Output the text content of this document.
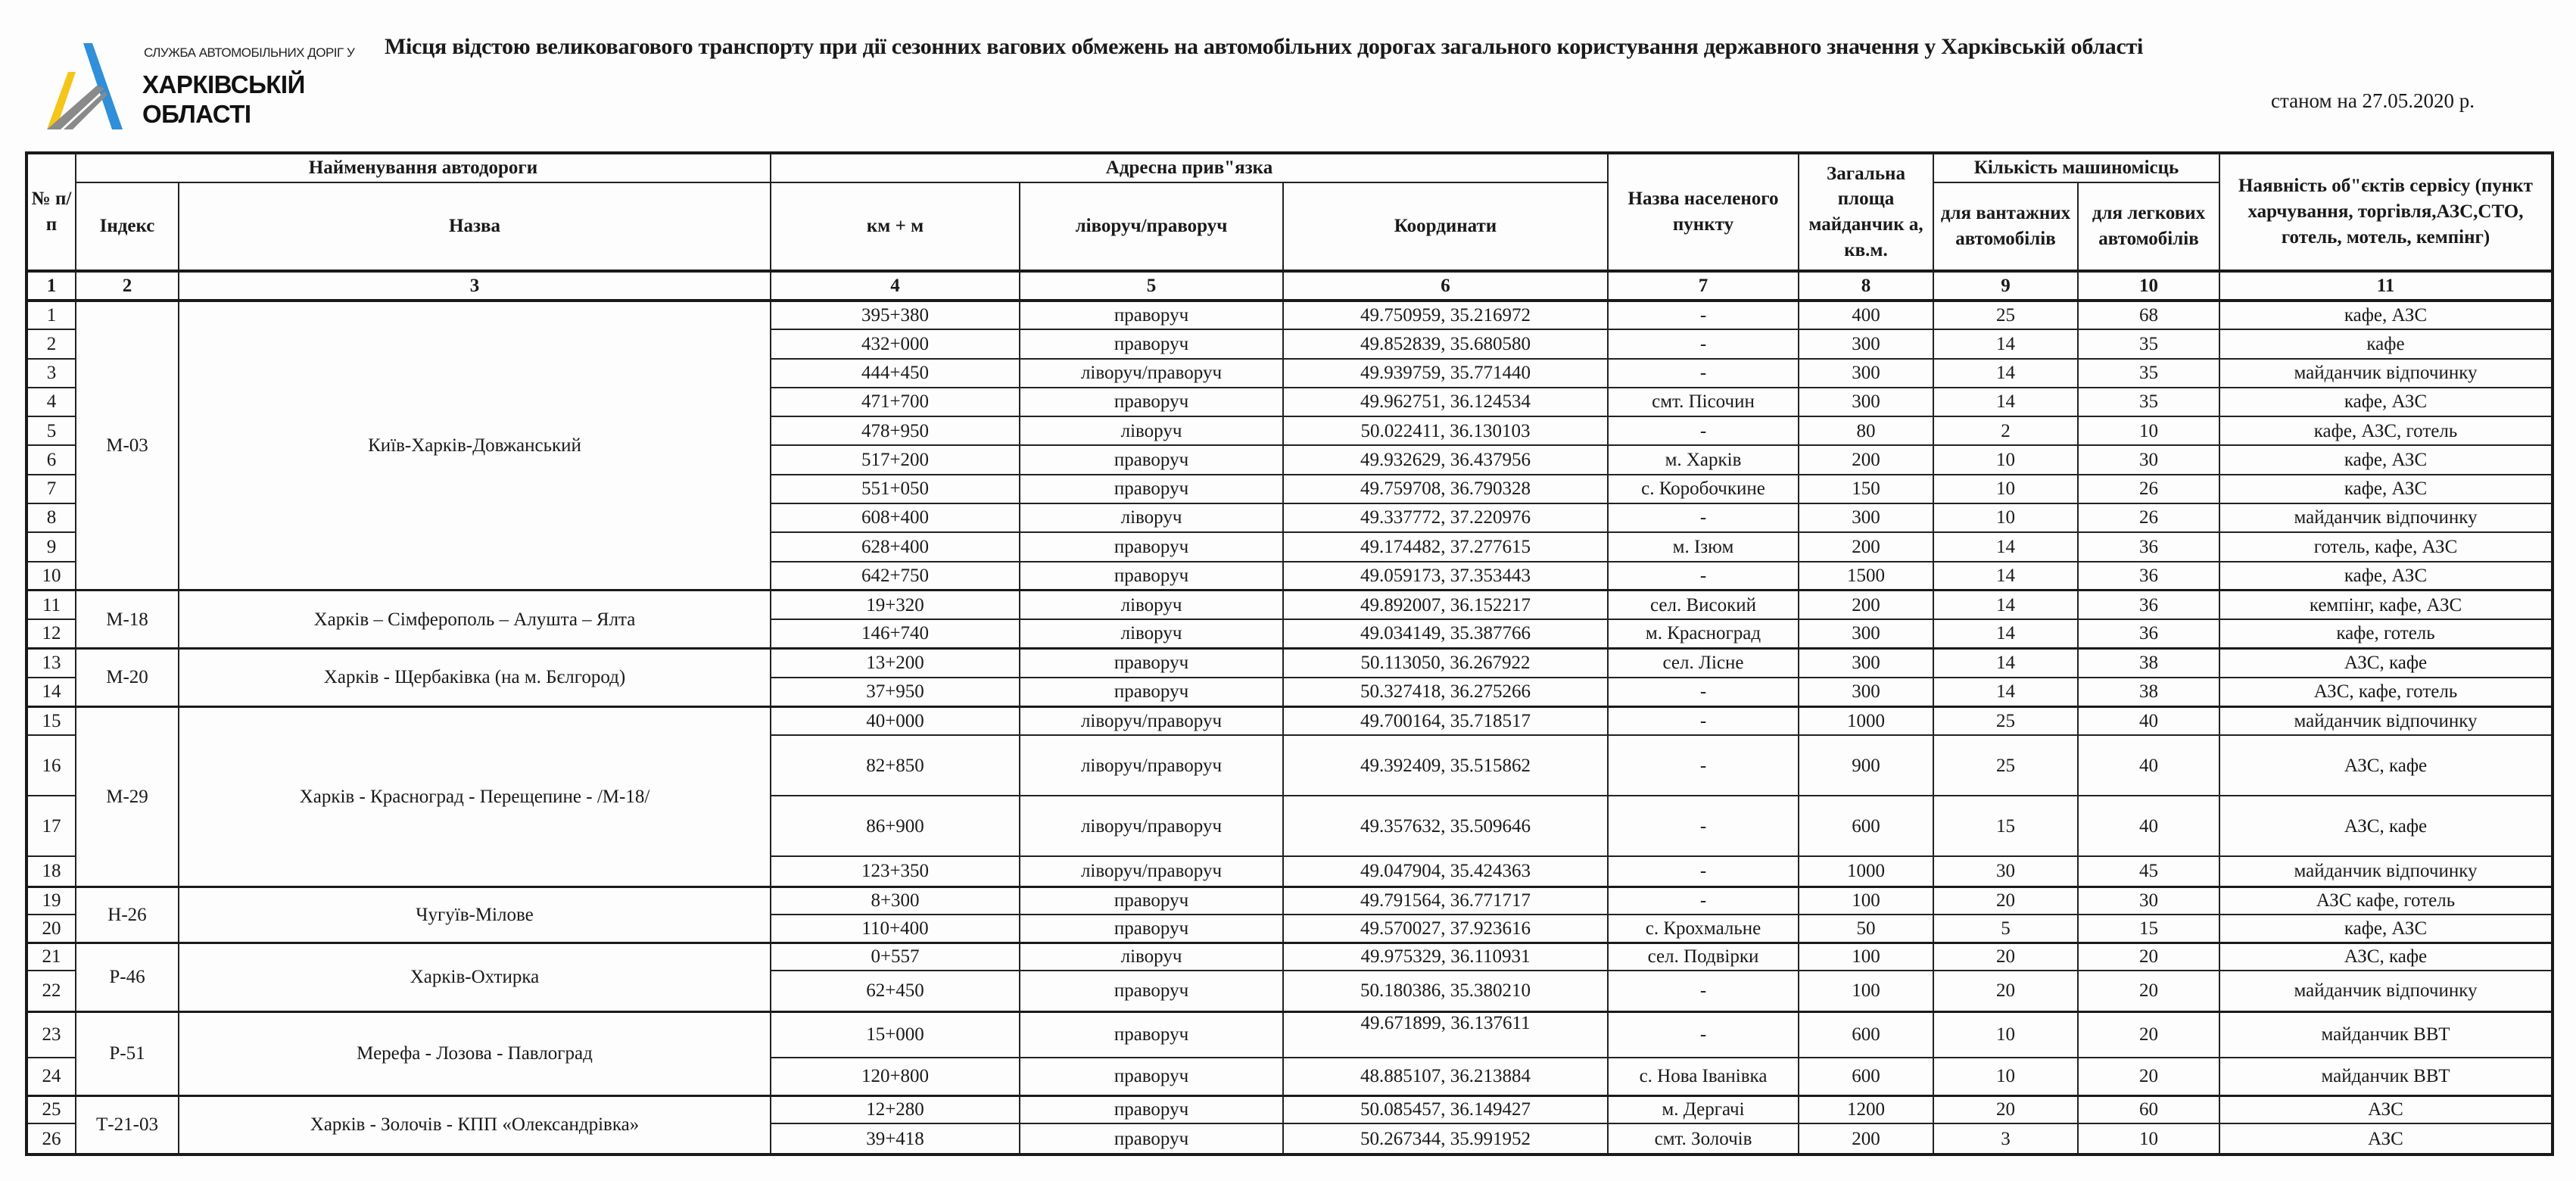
СЛУЖБА АВТОМОБІЛЬНИХ ДОРІГ У
ХАРКІВСЬКІЙ
ОБЛАСТІ
Місця відстою великовагового транспорту при дії сезонних вагових обмежень на автомобільних дорогах загального користування державного значення у Харківській області
станом на 27.05.2020 р.
№ п/п	Найменування автодороги		Адресна прив"язка			Назва населеного пункту	Загальна площа майданчик а, кв.м.	Кількість машиномісць		Наявність об"єктів сервісу (пункт харчування, торгівля,АЗС,СТО, готель, мотель, кемпінг)
	Індекс	Назва	км + м	ліворуч/праворуч	Координати			для вантажних автомобілів	для легкових автомобілів	
1	2	3	4	5	6	7	8	9	10	11
1	М-03	Київ-Харків-Довжанський	395+380	праворуч	49.750959, 35.216972	-	400	25	68	кафе, АЗС
2			432+000	праворуч	49.852839, 35.680580	-	300	14	35	кафе
3			444+450	ліворуч/праворуч	49.939759, 35.771440	-	300	14	35	майданчик відпочинку
4			471+700	праворуч	49.962751, 36.124534	смт. Пісочин	300	14	35	кафе, АЗС
5			478+950	ліворуч	50.022411, 36.130103	-	80	2	10	кафе, АЗС, готель
6			517+200	праворуч	49.932629, 36.437956	м. Харків	200	10	30	кафе, АЗС
7			551+050	праворуч	49.759708, 36.790328	с. Коробочкине	150	10	26	кафе, АЗС
8			608+400	ліворуч	49.337772, 37.220976	-	300	10	26	майданчик відпочинку
9			628+400	праворуч	49.174482, 37.277615	м. Ізюм	200	14	36	готель, кафе, АЗС
10			642+750	праворуч	49.059173, 37.353443	-	1500	14	36	кафе, АЗС
11	М-18	Харків – Сімферополь – Алушта – Ялта	19+320	ліворуч	49.892007, 36.152217	сел. Високий	200	14	36	кемпінг, кафе, АЗС
12			146+740	ліворуч	49.034149, 35.387766	м. Красноград	300	14	36	кафе, готель
13	М-20	Харків - Щербаківка (на м. Бєлгород)	13+200	праворуч	50.113050, 36.267922	сел. Лісне	300	14	38	АЗС, кафе
14			37+950	праворуч	50.327418, 36.275266	-	300	14	38	АЗС, кафе, готель
15	М-29	Харків - Красноград - Перещепине - /М-18/	40+000	ліворуч/праворуч	49.700164, 35.718517	-	1000	25	40	майданчик відпочинку
16			82+850	ліворуч/праворуч	49.392409, 35.515862	-	900	25	40	АЗС, кафе
17			86+900	ліворуч/праворуч	49.357632, 35.509646	-	600	15	40	АЗС, кафе
18			123+350	ліворуч/праворуч	49.047904, 35.424363	-	1000	30	45	майданчик відпочинку
19	Н-26	Чугуїв-Мілове	8+300	праворуч	49.791564, 36.771717	-	100	20	30	АЗС кафе, готель
20			110+400	праворуч	49.570027, 37.923616	с. Крохмальне	50	5	15	кафе, АЗС
21	Р-46	Харків-Охтирка	0+557	ліворуч	49.975329, 36.110931	сел. Подвірки	100	20	20	АЗС, кафе
22			62+450	праворуч	50.180386, 35.380210	-	100	20	20	майданчик відпочинку
23	Р-51	Мерефа - Лозова - Павлоград	15+000	праворуч	49.671899, 36.137611	-	600	10	20	майданчик ВВТ
24			120+800	праворуч	48.885107, 36.213884	с. Нова Іванівка	600	10	20	майданчик ВВТ
25	Т-21-03	Харків - Золочів - КПП «Олександрівка»	12+280	праворуч	50.085457, 36.149427	м. Дергачі	1200	20	60	АЗС
26			39+418	праворуч	50.267344, 35.991952	смт. Золочів	200	3	10	АЗС
